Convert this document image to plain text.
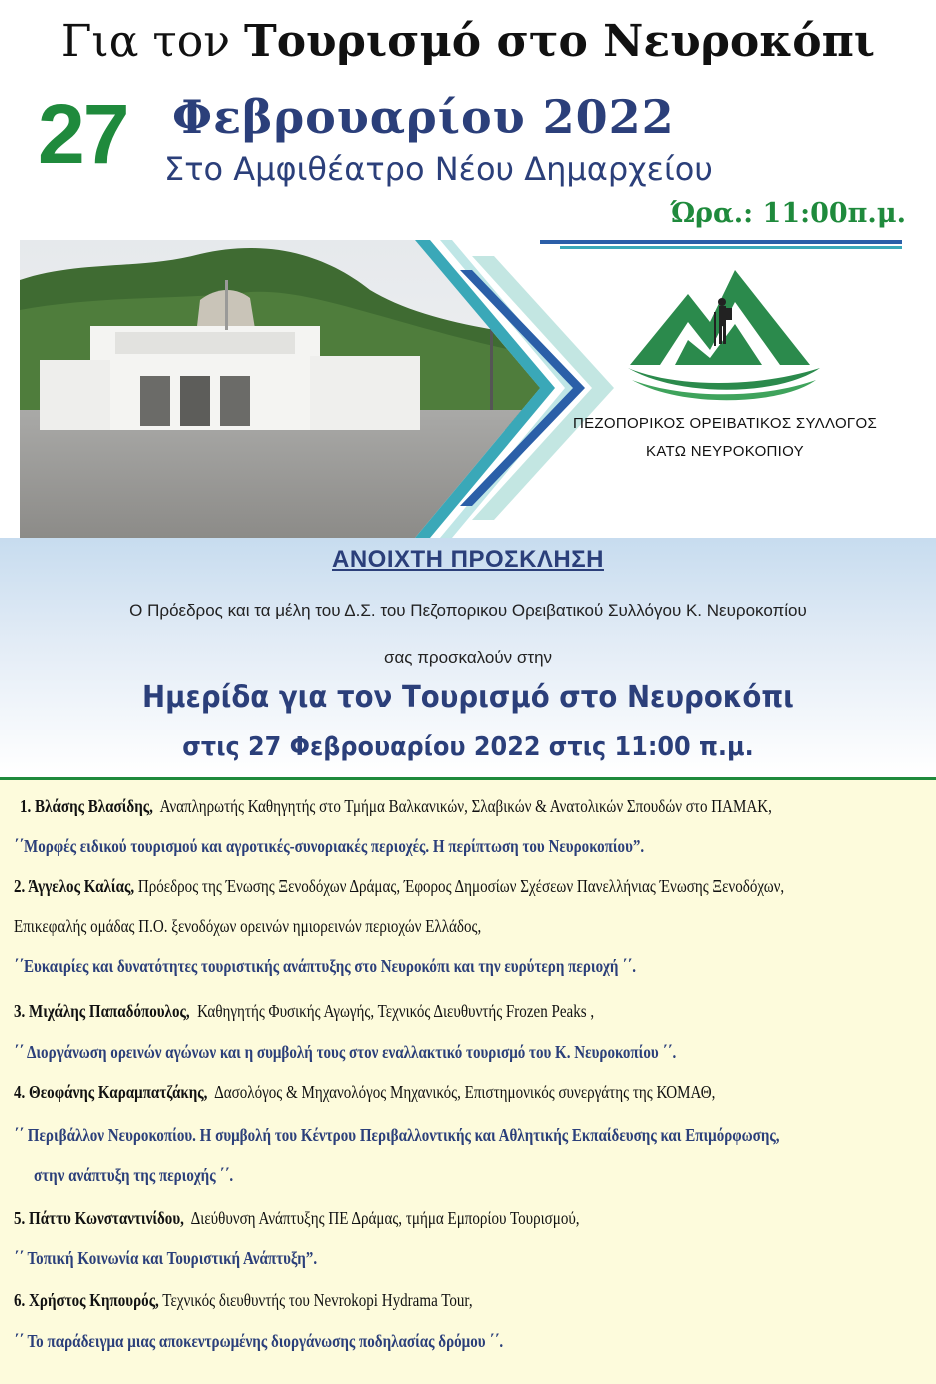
Για τον Τουρισμό στο Νευροκόπι
27 Φεβρουαρίου 2022
Στο Αμφιθέατρο Νέου Δημαρχείου
Ώρα.: 11:00π.μ.
ΠΕΖΟΠΟΡΙΚΟΣ ΟΡΕΙΒΑΤΙΚΟΣ ΣΥΛΛΟΓΟΣ
ΚΑΤΩ ΝΕΥΡΟΚΟΠΙΟΥ
ΑΝΟΙΧΤΗ ΠΡΟΣΚΛΗΣΗ
Ο Πρόεδρος και τα μέλη του Δ.Σ. του Πεζοπορικου Ορειβατικού Συλλόγου Κ. Νευροκοπίου
σας προσκαλούν στην
Ημερίδα για τον Τουρισμό στο Νευροκόπι
στις 27 Φεβρουαρίου 2022 στις 11:00 π.μ.
1. Βλάσης Βλασίδης, Αναπληρωτής Καθηγητής στο Τμήμα Βαλκανικών, Σλαβικών & Ανατολικών Σπουδών στο ΠΑΜΑΚ,
΄΄Μορφές ειδικού τουρισμού και αγροτικές-συνοριακές περιοχές. Η περίπτωση του Νευροκοπίου”.
2. Άγγελος Καλίας, Πρόεδρος της Ένωσης Ξενοδόχων Δράμας, Έφορος Δημοσίων Σχέσεων Πανελλήνιας Ένωσης Ξενοδόχων,
Επικεφαλής ομάδας Π.Ο. ξενοδόχων ορεινών ημιορεινών περιοχών Ελλάδος,
΄΄Ευκαιρίες και δυνατότητες τουριστικής ανάπτυξης στο Νευροκόπι και την ευρύτερη περιοχή ΄΄.
3. Μιχάλης Παπαδόπουλος, Καθηγητής Φυσικής Αγωγής, Τεχνικός Διευθυντής Frozen Peaks ,
΄΄ Διοργάνωση ορεινών αγώνων και η συμβολή τους στον εναλλακτικό τουρισμό του Κ. Νευροκοπίου ΄΄.
4. Θεοφάνης Καραμπατζάκης, Δασολόγος & Μηχανολόγος Μηχανικός, Επιστημονικός συνεργάτης της ΚΟΜΑΘ,
΄΄ Περιβάλλον Νευροκοπίου. Η συμβολή του Κέντρου Περιβαλλοντικής και Αθλητικής Εκπαίδευσης και Επιμόρφωσης,
στην ανάπτυξη της περιοχής ΄΄.
5. Πάττυ Κωνσταντινίδου, Διεύθυνση Ανάπτυξης ΠΕ Δράμας, τμήμα Εμπορίου Τουρισμού,
΄΄ Τοπική Κοινωνία και Τουριστική Ανάπτυξη”.
6. Χρήστος Κηπουρός, Τεχνικός διευθυντής του Nevrokopi Hydrama Tour,
΄΄ Το παράδειγμα μιας αποκεντρωμένης διοργάνωσης ποδηλασίας δρόμου ΄΄.
